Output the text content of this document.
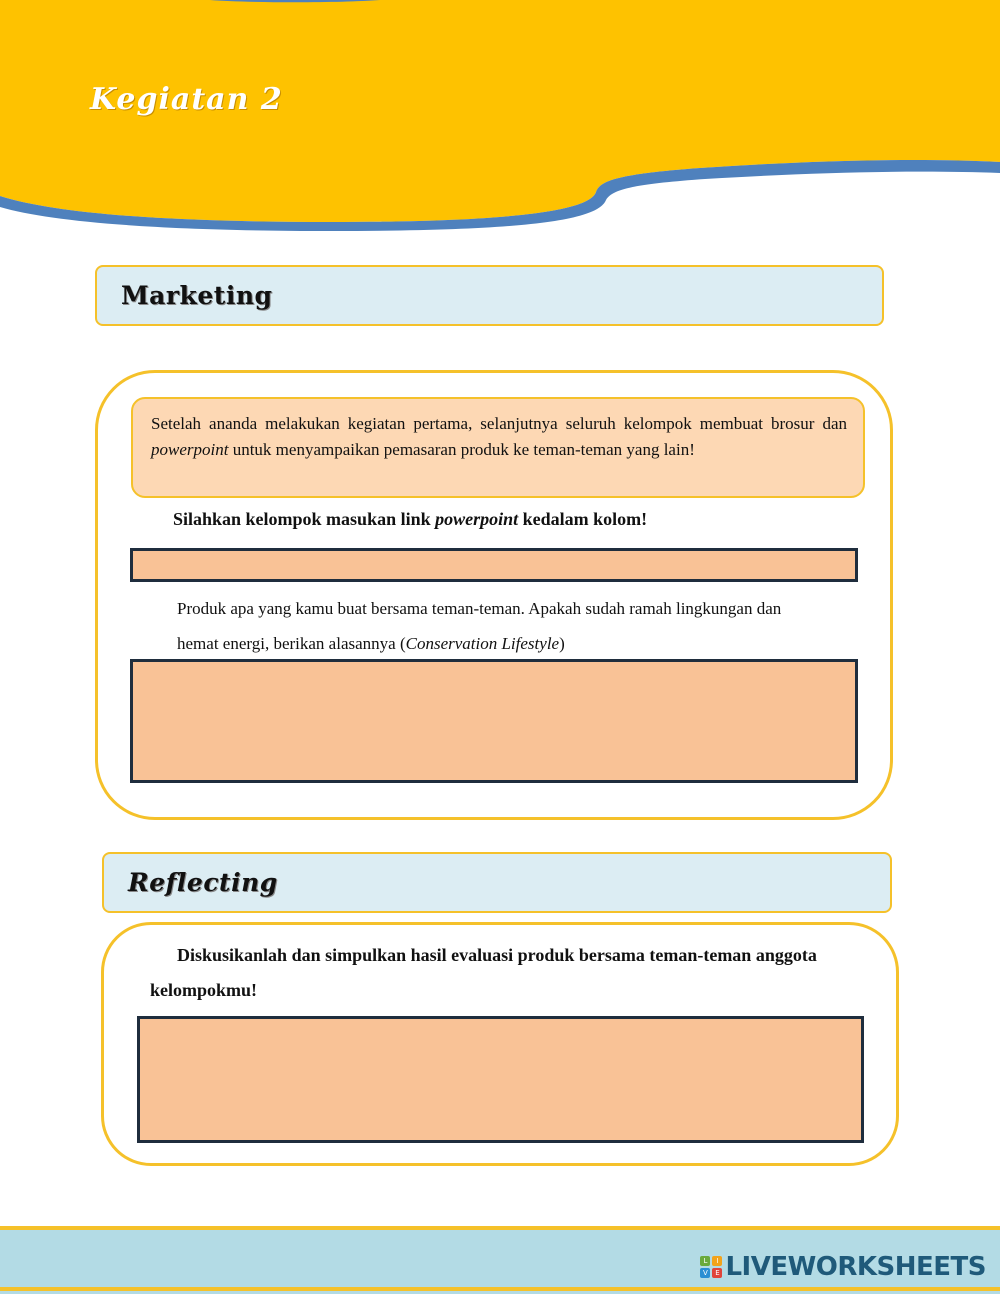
Kegiatan 2
Marketing
Setelah ananda melakukan kegiatan pertama, selanjutnya seluruh kelompok membuat brosur dan powerpoint untuk menyampaikan pemasaran produk ke teman-teman yang lain!
Silahkan kelompok masukan link powerpoint kedalam kolom!
Produk apa yang kamu buat bersama teman-teman. Apakah sudah ramah lingkungan dan
hemat energi, berikan alasannya (Conservation Lifestyle)
Reflecting
Diskusikanlah dan simpulkan hasil evaluasi produk bersama teman-teman anggota
kelompokmu!
L	I
V	E LIVEWORKSHEETS
